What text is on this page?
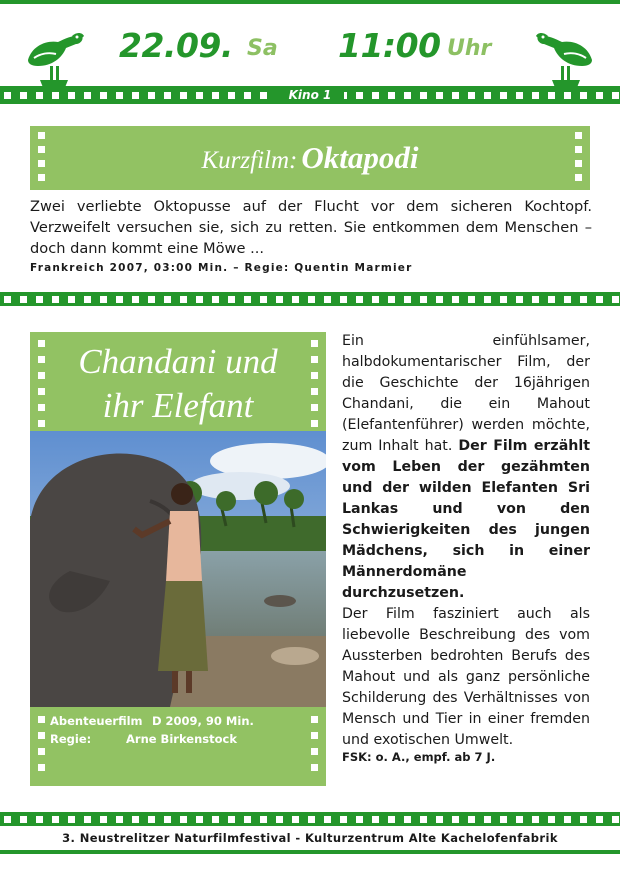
22.09. Sa 11:00 Uhr
Kino 1
Kurzfilm: Oktapodi
Zwei verliebte Oktopusse auf der Flucht vor dem sicheren Kochtopf. Verzweifelt versuchen sie, sich zu retten. Sie entkommen dem Menschen – doch dann kommt eine Möwe ...
Frankreich 2007, 03:00 Min. – Regie: Quentin Marmier
Chandani und
ihr Elefant
Abenteuerfilm D 2009, 90 Min.
Regie:	Arne Birkenstock

Ein einfühlsamer, halbdokumentarischer Film, der die Geschichte der 16jährigen Chandani, die ein Mahout (Elefantenführer) werden möchte, zum Inhalt hat. Der Film erzählt vom Leben der gezähmten und der wilden Elefanten Sri Lankas und von den Schwierigkeiten des jungen Mädchens, sich in einer Männerdomäne durchzusetzen.

Der Film fasziniert auch als liebevolle Beschreibung des vom Aussterben bedrohten Berufs des Mahout und als ganz persönliche Schilderung des Verhältnisses von Mensch und Tier in einer fremden und exotischen Umwelt.

FSK: o. A., empf. ab 7 J.
3. Neustrelitzer Naturfilmfestival - Kulturzentrum Alte Kachelofenfabrik
